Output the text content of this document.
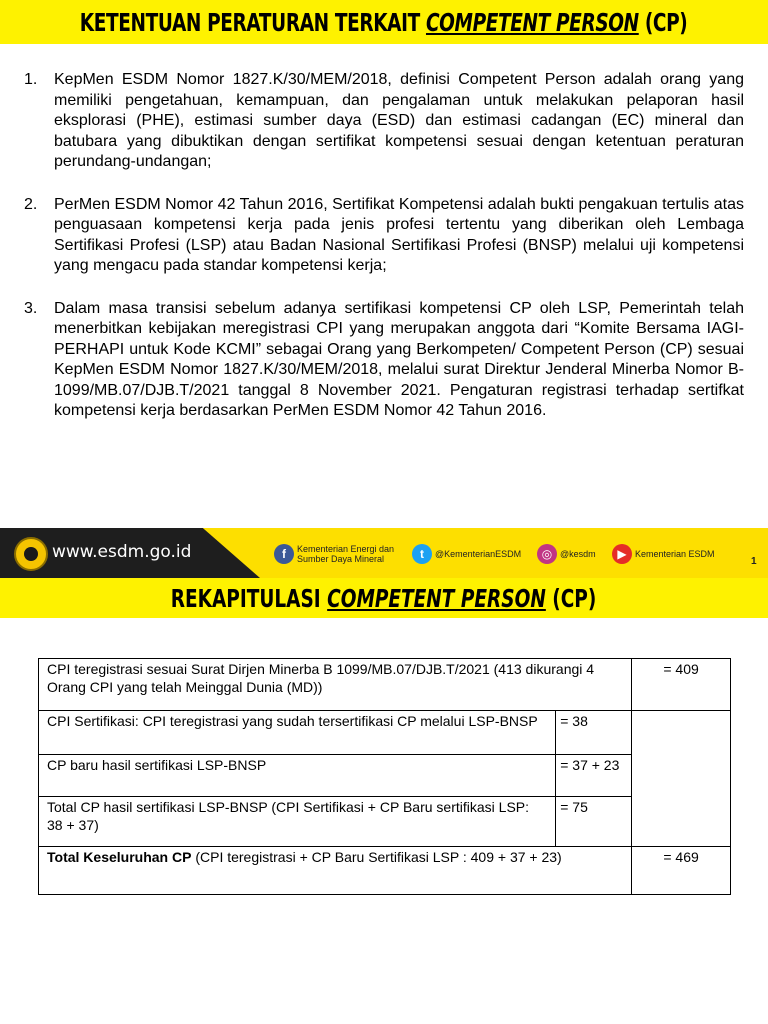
KETENTUAN PERATURAN TERKAIT COMPETENT PERSON (CP)
1. KepMen ESDM Nomor 1827.K/30/MEM/2018, definisi Competent Person adalah orang yang memiliki pengetahuan, kemampuan, dan pengalaman untuk melakukan pelaporan hasil eksplorasi (PHE), estimasi sumber daya (ESD) dan estimasi cadangan (EC) mineral dan batubara yang dibuktikan dengan sertifikat kompetensi sesuai dengan ketentuan peraturan perundang-undangan;
2. PerMen ESDM Nomor 42 Tahun 2016, Sertifikat Kompetensi adalah bukti pengakuan tertulis atas penguasaan kompetensi kerja pada jenis profesi tertentu yang diberikan oleh Lembaga Sertifikasi Profesi (LSP) atau Badan Nasional Sertifikasi Profesi (BNSP) melalui uji kompetensi yang mengacu pada standar kompetensi kerja;
3. Dalam masa transisi sebelum adanya sertifikasi kompetensi CP oleh LSP, Pemerintah telah menerbitkan kebijakan meregistrasi CPI yang merupakan anggota dari “Komite Bersama IAGI-PERHAPI untuk Kode KCMI” sebagai Orang yang Berkompeten/ Competent Person (CP) sesuai KepMen ESDM Nomor 1827.K/30/MEM/2018, melalui surat Direktur Jenderal Minerba Nomor B-1099/MB.07/DJB.T/2021 tanggal 8 November 2021. Pengaturan registrasi terhadap sertifkat kompetensi kerja berdasarkan PerMen ESDM Nomor 42 Tahun 2016.
www.esdm.go.id	f	Kementerian Energi dan
Sumber Daya Mineral	t	@KementerianESDM	◎ @kesdm	▶ Kementerian ESDM
1
REKAPITULASI COMPETENT PERSON (CP)
CPI teregistrasi sesuai Surat Dirjen Minerba B 1099/MB.07/DJB.T/2021 (413 dikurangi 4 Orang CPI yang telah Meinggal Dunia (MD))		= 409
CPI Sertifikasi: CPI teregistrasi yang sudah tersertifikasi CP melalui LSP-BNSP	= 38	
CP baru hasil sertifikasi LSP-BNSP	= 37 + 23	
Total CP hasil sertifikasi LSP-BNSP (CPI Sertifikasi + CP Baru sertifikasi LSP: 38 + 37)	= 75	
Total Keseluruhan CP (CPI teregistrasi + CP Baru Sertifikasi LSP : 409 + 37 + 23)		= 469
